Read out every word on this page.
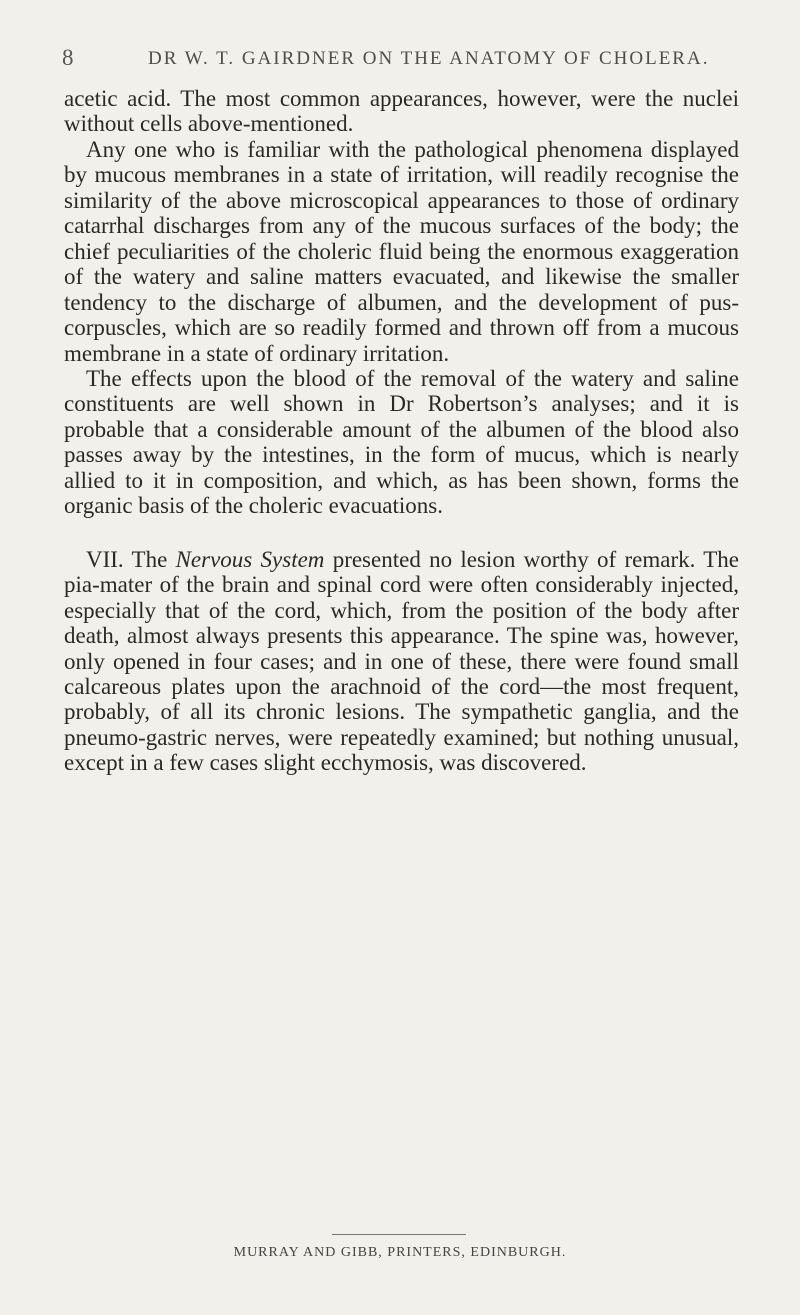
8	DR W. T. GAIRDNER ON THE ANATOMY OF CHOLERA.

acetic acid. The most common appearances, however, were the nuclei without cells above-mentioned.

Any one who is familiar with the pathological phenomena displayed by mucous membranes in a state of irritation, will readily recognise the similarity of the above microscopical appearances to those of ordinary catarrhal discharges from any of the mucous surfaces of the body; the chief peculiarities of the choleric fluid being the enormous exaggeration of the watery and saline matters evacuated, and likewise the smaller tendency to the discharge of albumen, and the development of pus-corpuscles, which are so readily formed and thrown off from a mucous membrane in a state of ordinary irritation.

The effects upon the blood of the removal of the watery and saline constituents are well shown in Dr Robertson’s analyses; and it is probable that a considerable amount of the albumen of the blood also passes away by the intestines, in the form of mucus, which is nearly allied to it in composition, and which, as has been shown, forms the organic basis of the choleric evacuations.

VII. The Nervous System presented no lesion worthy of remark. The pia-mater of the brain and spinal cord were often considerably injected, especially that of the cord, which, from the position of the body after death, almost always presents this appearance. The spine was, however, only opened in four cases; and in one of these, there were found small calcareous plates upon the arachnoid of the cord—the most frequent, probably, of all its chronic lesions. The sympathetic ganglia, and the pneumo-gastric nerves, were repeatedly examined; but nothing unusual, except in a few cases slight ecchymosis, was discovered.

MURRAY AND GIBB, PRINTERS, EDINBURGH.
